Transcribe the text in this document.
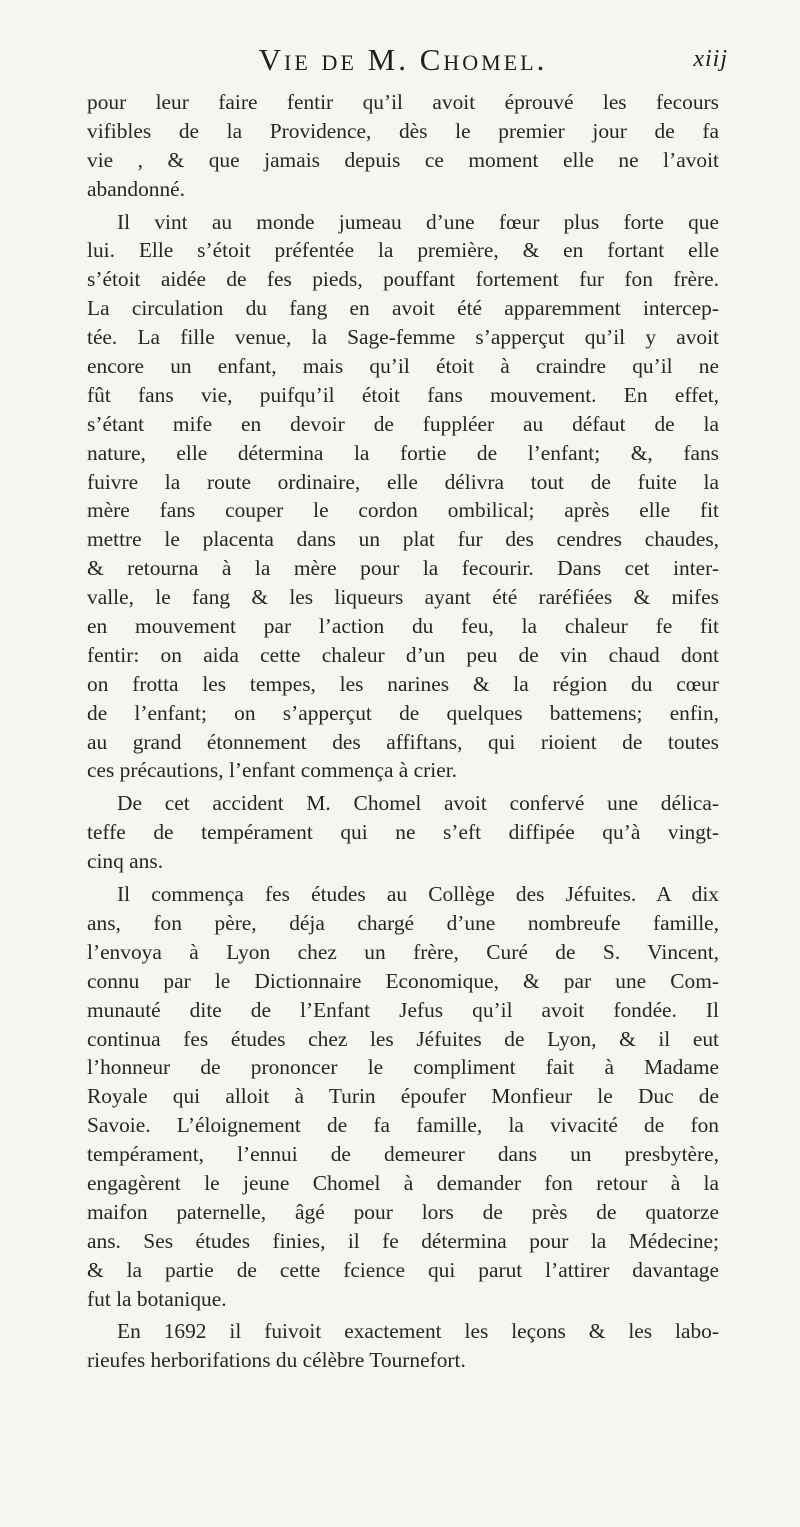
Vie de M. Chomel.	xiij
pour leur faire fentir qu’il avoit éprouvé les fecours
vifibles de la Providence, dès le premier jour de fa
vie , & que jamais depuis ce moment elle ne l’avoit
abandonné.
Il vint au monde jumeau d’une fœur plus forte que
lui. Elle s’étoit préfentée la première, & en fortant elle
s’étoit aidée de fes pieds, pouffant fortement fur fon frère.
La circulation du fang en avoit été apparemment intercep-
tée. La fille venue, la Sage-femme s’apperçut qu’il y avoit
encore un enfant, mais qu’il étoit à craindre qu’il ne
fût fans vie, puifqu’il étoit fans mouvement. En effet,
s’étant mife en devoir de fuppléer au défaut de la
nature, elle détermina la fortie de l’enfant; &, fans
fuivre la route ordinaire, elle délivra tout de fuite la
mère fans couper le cordon ombilical; après elle fit
mettre le placenta dans un plat fur des cendres chaudes,
& retourna à la mère pour la fecourir. Dans cet inter-
valle, le fang & les liqueurs ayant été raréfiées & mifes
en mouvement par l’action du feu, la chaleur fe fit
fentir: on aida cette chaleur d’un peu de vin chaud dont
on frotta les tempes, les narines & la région du cœur
de l’enfant; on s’apperçut de quelques battemens; enfin,
au grand étonnement des affiftans, qui rioient de toutes
ces précautions, l’enfant commença à crier.
De cet accident M. Chomel avoit confervé une délica-
teffe de tempérament qui ne s’eft diffipée qu’à vingt-
cinq ans.
Il commença fes études au Collège des Jéfuites. A dix
ans, fon père, déja chargé d’une nombreufe famille,
l’envoya à Lyon chez un frère, Curé de S. Vincent,
connu par le Dictionnaire Economique, & par une Com-
munauté dite de l’Enfant Jefus qu’il avoit fondée. Il
continua fes études chez les Jéfuites de Lyon, & il eut
l’honneur de prononcer le compliment fait à Madame
Royale qui alloit à Turin époufer Monfieur le Duc de
Savoie. L’éloignement de fa famille, la vivacité de fon
tempérament, l’ennui de demeurer dans un presbytère,
engagèrent le jeune Chomel à demander fon retour à la
maifon paternelle, âgé pour lors de près de quatorze
ans. Ses études finies, il fe détermina pour la Médecine;
& la partie de cette fcience qui parut l’attirer davantage
fut la botanique.
En 1692 il fuivoit exactement les leçons & les labo-
rieufes herborifations du célèbre Tournefort.
